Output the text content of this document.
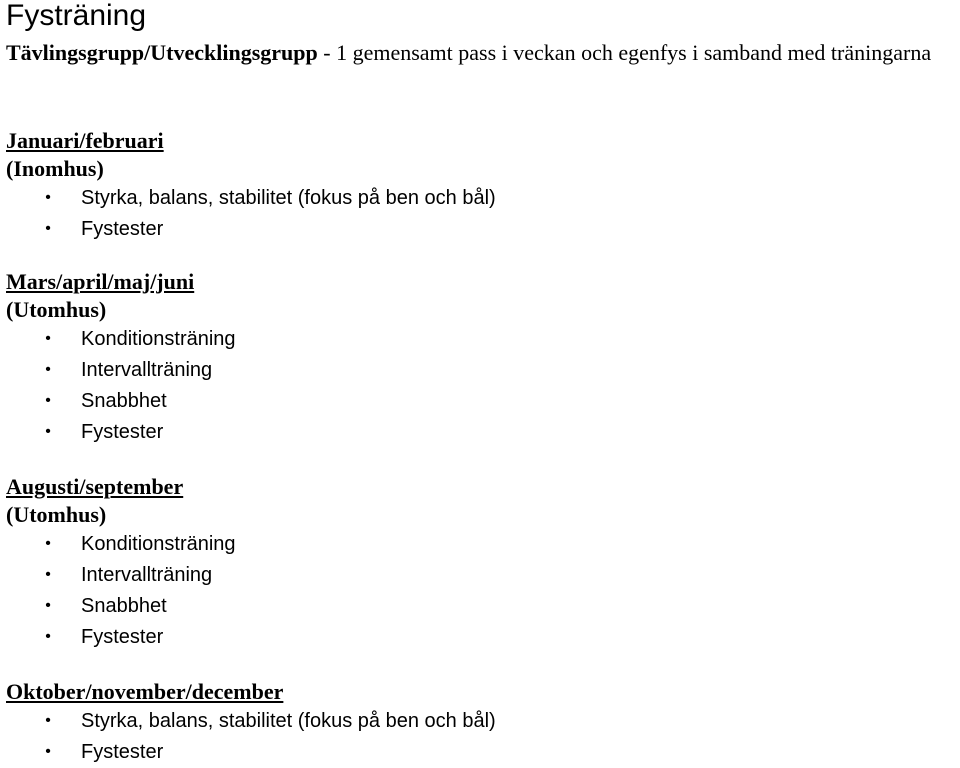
Fysträning

Tävlingsgrupp/Utvecklingsgrupp - 1 gemensamt pass i veckan och egenfys i samband med träningarna

Januari/februari
(Inomhus)
• Styrka, balans, stabilitet (fokus på ben och bål)
• Fystester
Mars/april/maj/juni
(Utomhus)
• Konditionsträning
• Intervallträning
• Snabbhet
• Fystester
Augusti/september
(Utomhus)
• Konditionsträning
• Intervallträning
• Snabbhet
• Fystester
Oktober/november/december
• Styrka, balans, stabilitet (fokus på ben och bål)
• Fystester
